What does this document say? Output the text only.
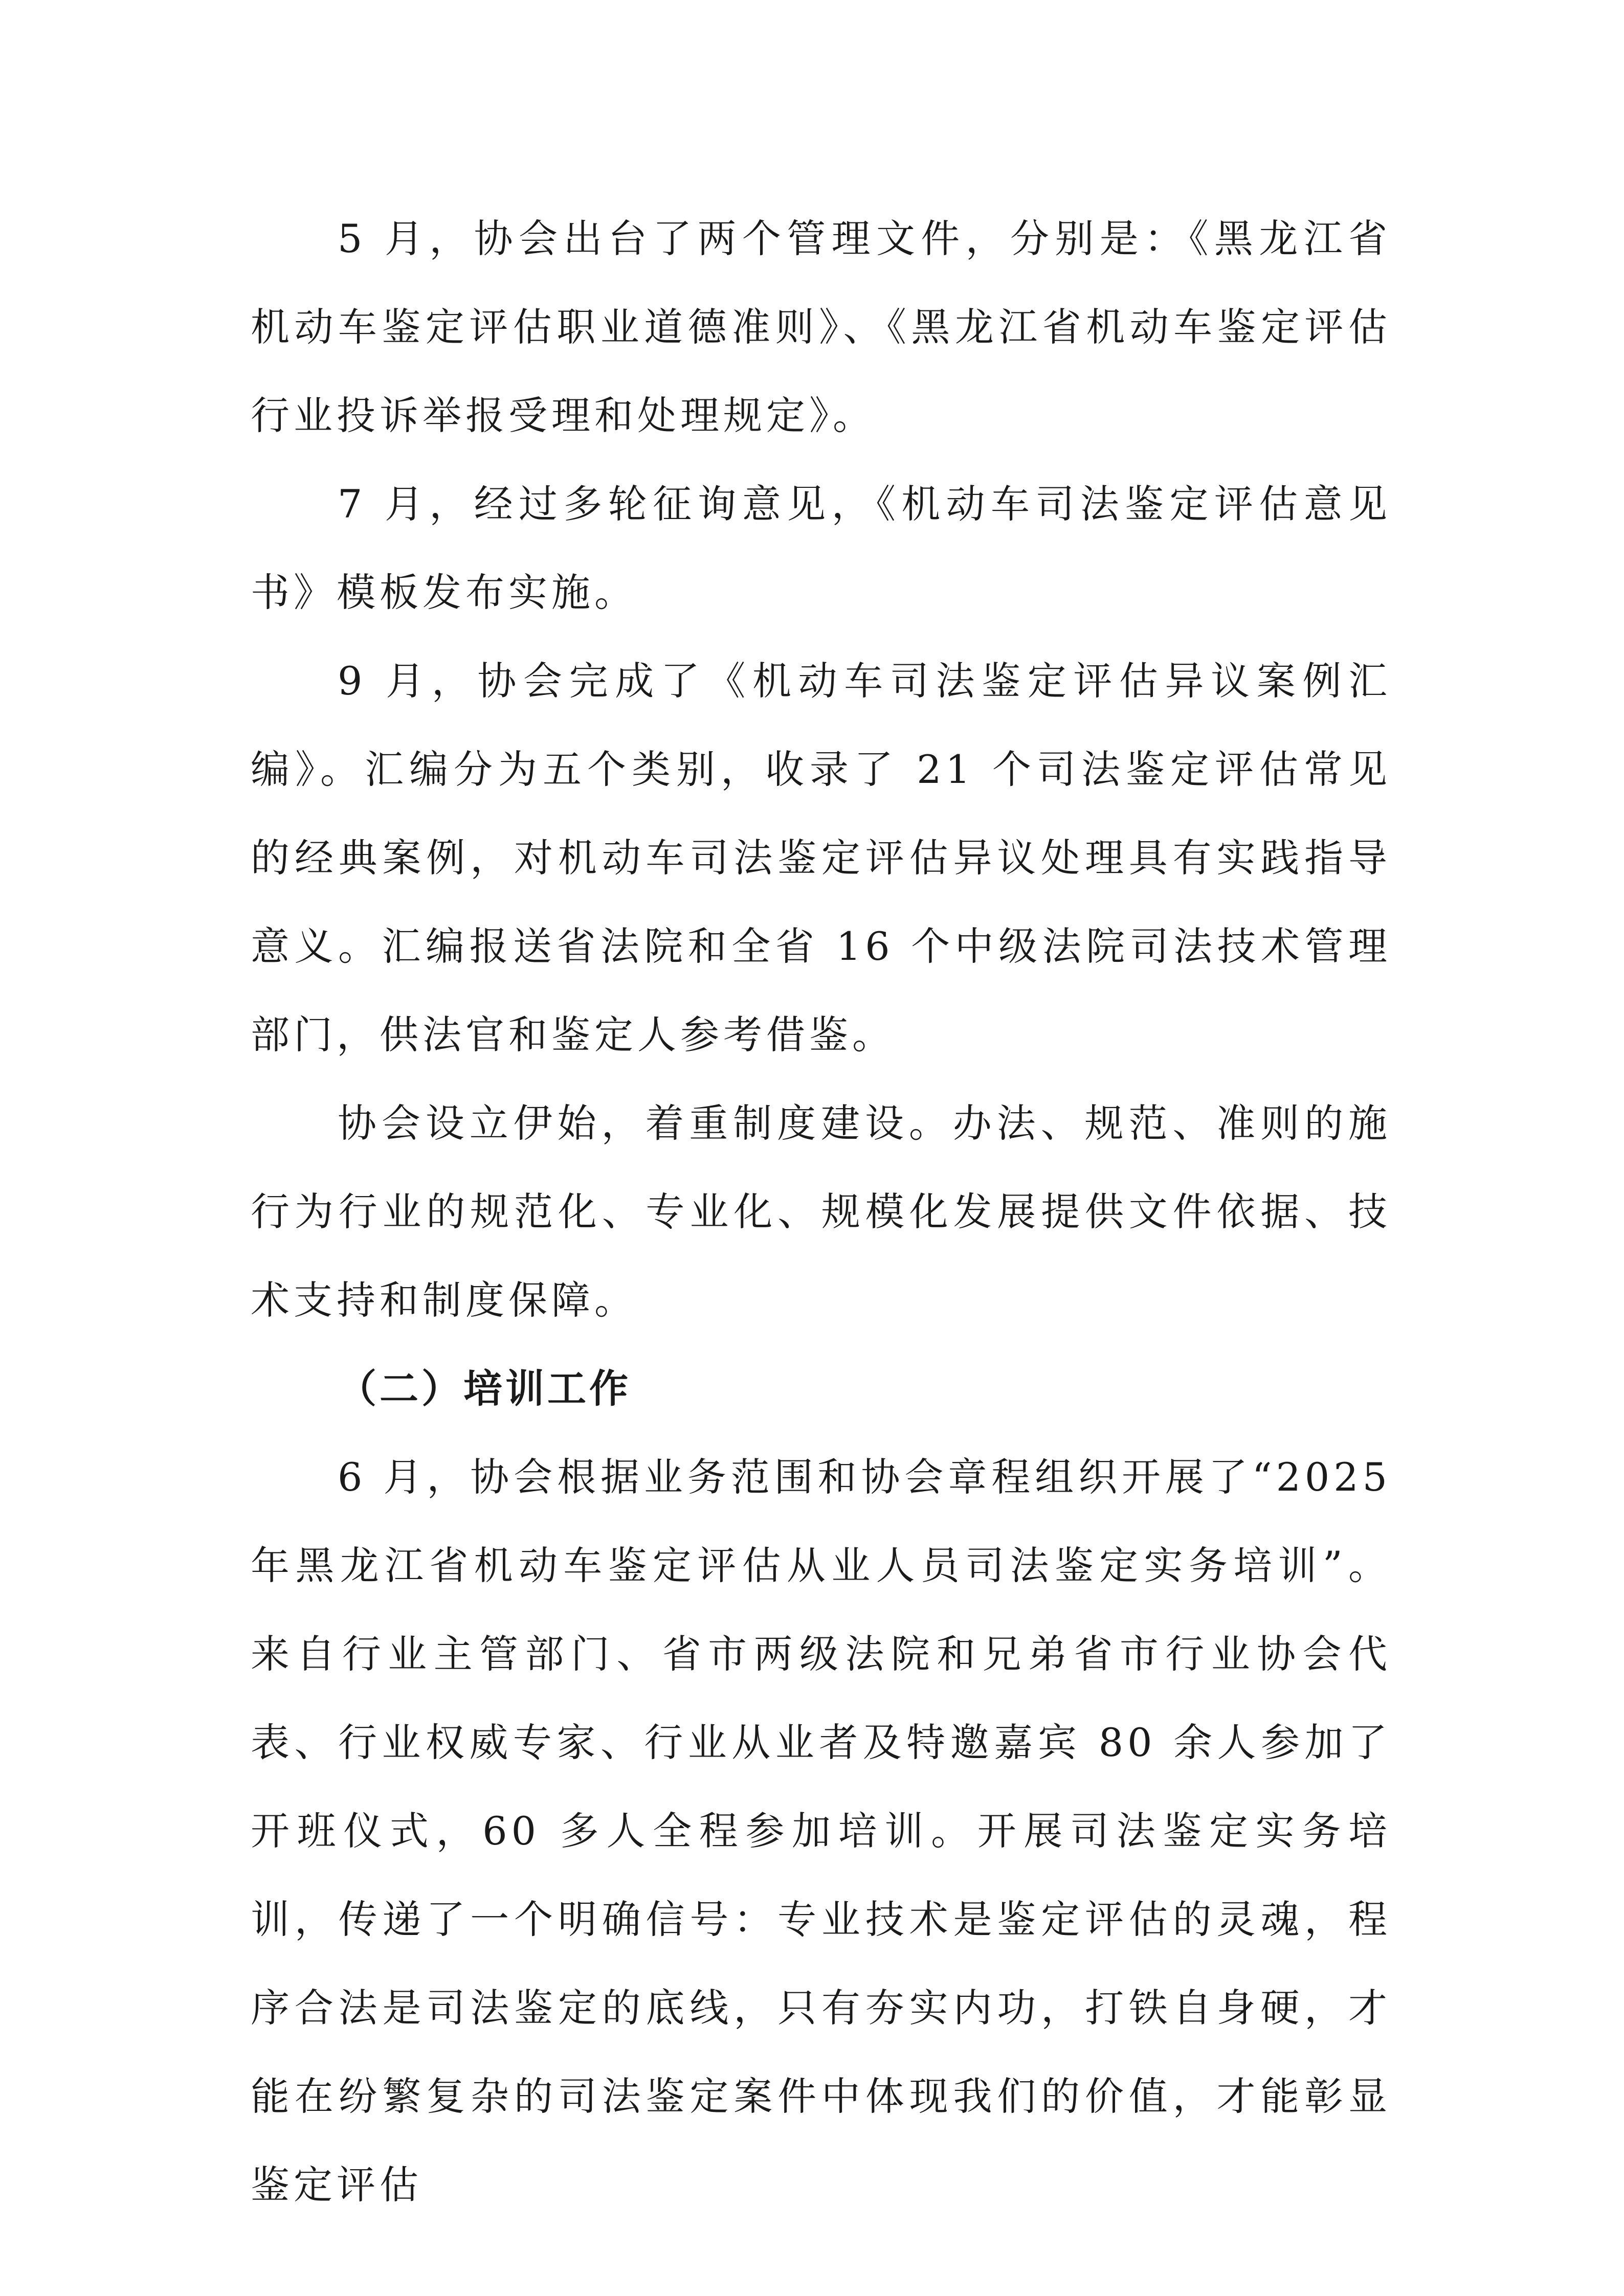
5 月，协会出台了两个管理文件，分别是：《黑龙江省机动车鉴定评估职业道德准则》、《黑龙江省机动车鉴定评估行业投诉举报受理和处理规定》。

7 月，经过多轮征询意见，《机动车司法鉴定评估意见书》模板发布实施。

9 月，协会完成了《机动车司法鉴定评估异议案例汇编》。汇编分为五个类别，收录了 21 个司法鉴定评估常见的经典案例，对机动车司法鉴定评估异议处理具有实践指导意义。汇编报送省法院和全省 16 个中级法院司法技术管理部门，供法官和鉴定人参考借鉴。

协会设立伊始，着重制度建设。办法、规范、准则的施行为行业的规范化、专业化、规模化发展提供文件依据、技术支持和制度保障。

（二）培训工作

6 月，协会根据业务范围和协会章程组织开展了“2025 年黑龙江省机动车鉴定评估从业人员司法鉴定实务培训”。来自行业主管部门、省市两级法院和兄弟省市行业协会代表、行业权威专家、行业从业者及特邀嘉宾 80 余人参加了开班仪式，60 多人全程参加培训。开展司法鉴定实务培训，传递了一个明确信号：专业技术是鉴定评估的灵魂，程序合法是司法鉴定的底线，只有夯实内功，打铁自身硬，才能在纷繁复杂的司法鉴定案件中体现我们的价值，才能彰显鉴定评估
